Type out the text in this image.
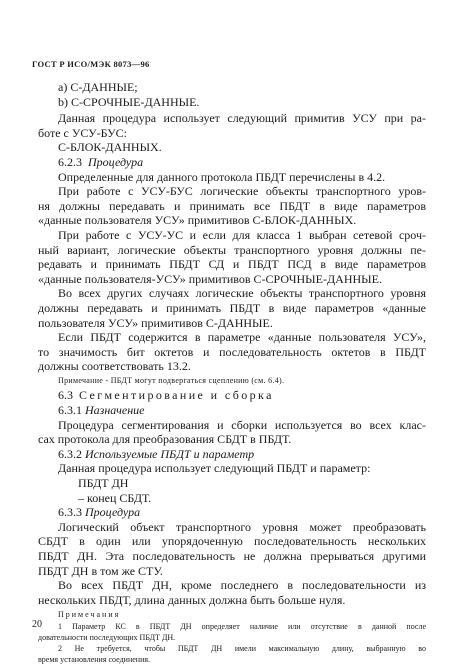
ГОСТ Р ИСО/МЭК 8073—96
а) С-ДАННЫЕ;
b) С-СРОЧНЫЕ-ДАННЫЕ.
Данная процедура использует следующий примитив УСУ при ра-
боте с УСУ-БУС:
С-БЛОК-ДАННЫХ.
6.2.3 Процедура
Определенные для данного протокола ПБДТ перечислены в 4.2.
При работе с УСУ-БУС логические объекты транспортного уров-
ня должны передавать и принимать все ПБДТ в виде параметров
«данные пользователя УСУ» примитивов С-БЛОК-ДАННЫХ.
При работе с УСУ-УС и если для класса 1 выбран сетевой сроч-
ный вариант, логические объекты транспортного уровня должны пе-
редавать и принимать ПБДТ СД и ПБДТ ПСД в виде параметров
«данные пользователя-УСУ» примитивов С-СРОЧНЫЕ-ДАННЫЕ.
Во всех других случаях логические объекты транспортного уровня
должны передавать и принимать ПБДТ в виде параметров «данные
пользователя УСУ» примитивов С-ДАННЫЕ.
Если ПБДТ содержится в параметре «данные пользователя УСУ»,
то значимость бит октетов и последовательность октетов в ПБДТ
должны соответствовать 13.2.
Примечание - ПБДТ могут подвергаться сцеплению (см. 6.4).
6.3 Сегментирование и сборка
6.3.1 Назначение
Процедура сегментирования и сборки используется во всех клас-
сах протокола для преобразования СБДТ в ПБДТ.
6.3.2 Используемые ПБДТ и параметр
Данная процедура использует следующий ПБДТ и параметр:
ПБДТ ДН
– конец СБДТ.
6.3.3 Процедура
Логический объект транспортного уровня может преобразовать
СБДТ в один или упорядоченную последовательность нескольких
ПБДТ ДН. Эта последовательность не должна прерываться другими
ПБДТ ДН в том же СТУ.
Во всех ПБДТ ДН, кроме последнего в последовательности из
нескольких ПБДТ, длина данных должна быть больше нуля.
Примечания
1 Параметр КС в ПБДТ ДН определяет наличие или отсутствие в данной после
довательности последующих ПБДТ ДН.
2 Не требуется, чтобы ПБДТ ДН имели максимальную длину, выбранную во
время установления соединения.
20
